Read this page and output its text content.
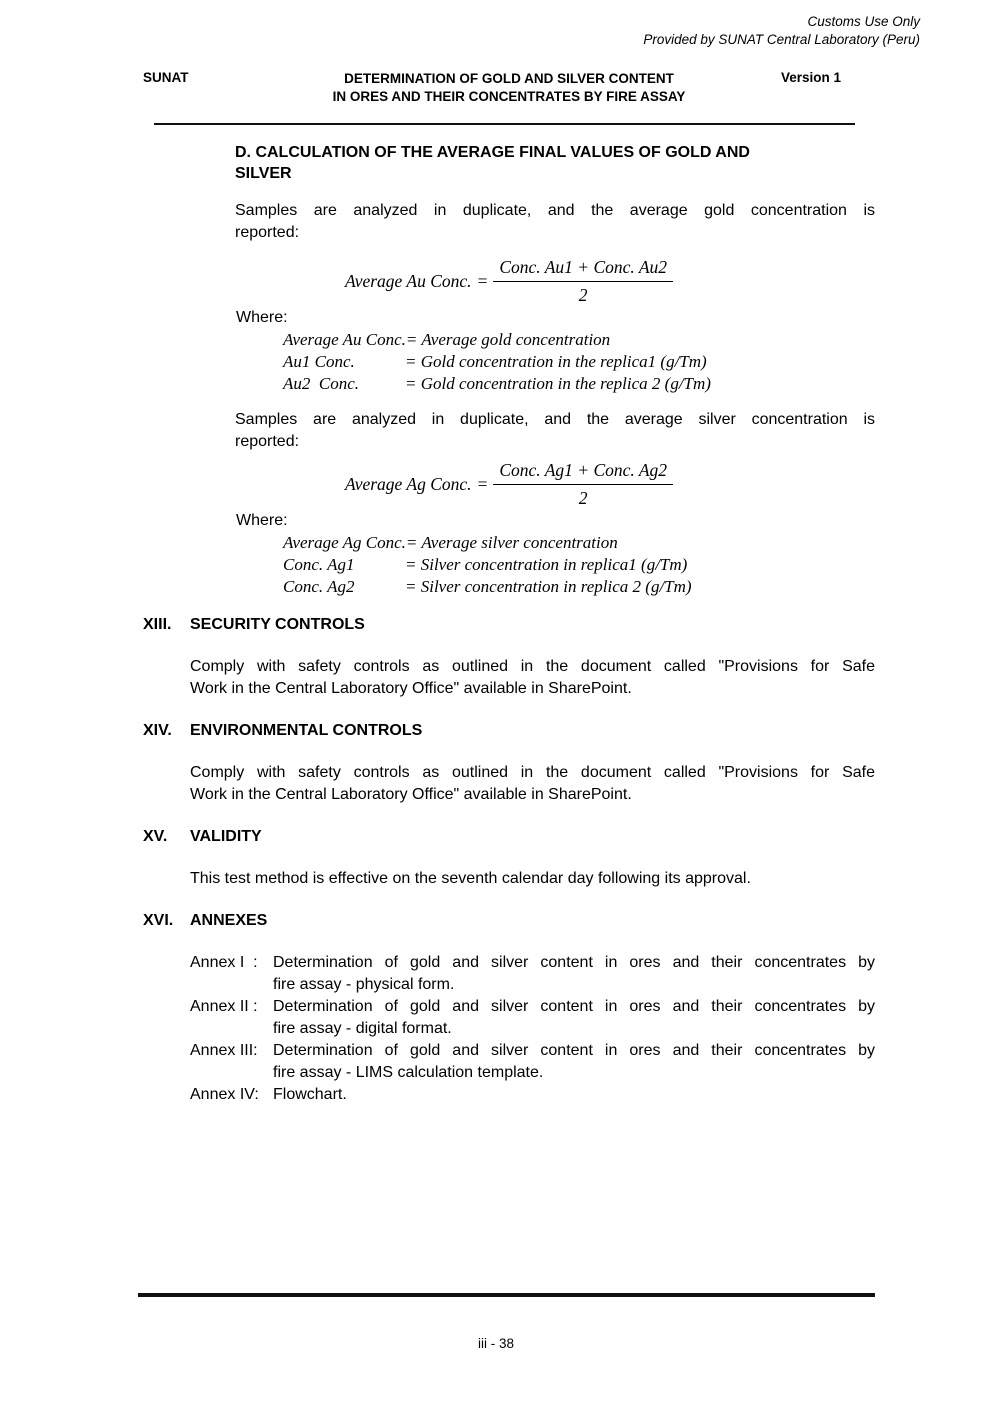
Customs Use Only
Provided by SUNAT Central Laboratory (Peru)
SUNAT	DETERMINATION OF GOLD AND SILVER CONTENT
IN ORES AND THEIR CONCENTRATES BY FIRE ASSAY
Version 1
D. CALCULATION OF THE AVERAGE FINAL VALUES OF GOLD AND
SILVER
Samples are analyzed in duplicate, and the average gold concentration is
reported:
Average Au Conc. = $\frac{\text{Conc. Au1 + Conc. Au2}}{2}$
Where:
Average Au Conc. = Average gold concentration
Au1 Conc.	= Gold concentration in the replica1 (g/Tm)
Au2  Conc.	= Gold concentration in the replica 2 (g/Tm)
Samples are analyzed in duplicate, and the average silver concentration is
reported:
Average Ag Conc. = $\frac{\text{Conc. Ag1 + Conc. Ag2}}{2}$
Where:
Average Ag Conc. = Average silver concentration
Conc. Ag1	= Silver concentration in replica1 (g/Tm)
Conc. Ag2	= Silver concentration in replica 2 (g/Tm)
XIII.	SECURITY CONTROLS
Comply with safety controls as outlined in the document called "Provisions for Safe
Work in the Central Laboratory Office" available in SharePoint.
XIV.	ENVIRONMENTAL CONTROLS
Comply with safety controls as outlined in the document called "Provisions for Safe
Work in the Central Laboratory Office" available in SharePoint.
XV.	VALIDITY
This test method is effective on the seventh calendar day following its approval.
XVI.	ANNEXES
Annex I  : Determination of gold and silver content in ores and their concentrates by
fire assay - physical form.
Annex II : Determination of gold and silver content in ores and their concentrates by
fire assay - digital format.
Annex III: Determination of gold and silver content in ores and their concentrates by
fire assay - LIMS calculation template.
Annex IV: Flowchart.
iii - 38
